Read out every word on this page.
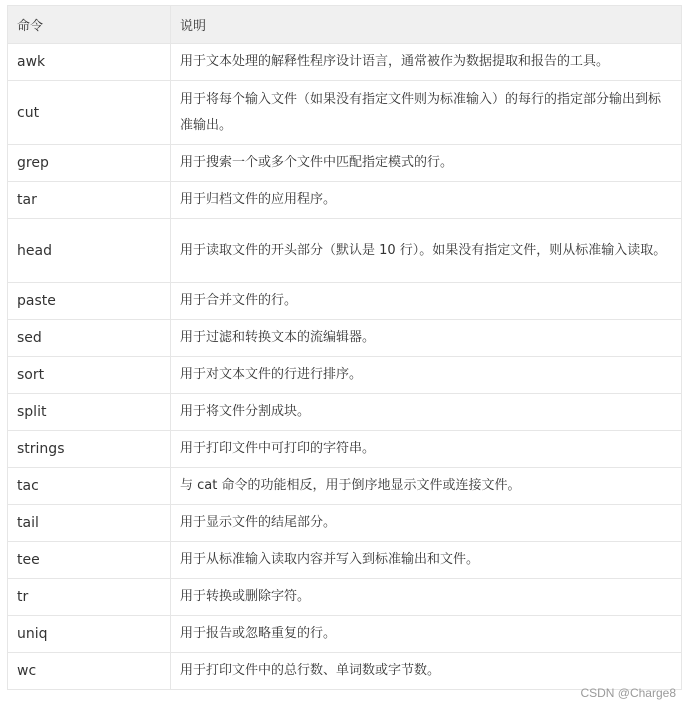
命令	说明
awk	用于文本处理的解释性程序设计语言，通常被作为数据提取和报告的工具。
cut	用于将每个输入文件（如果没有指定文件则为标准输入）的每行的指定部分输出到标准输出。
grep	用于搜索一个或多个文件中匹配指定模式的行。
tar	用于归档文件的应用程序。
head	用于读取文件的开头部分（默认是 10 行）。如果没有指定文件，则从标准输入读取。
paste	用于合并文件的行。
sed	用于过滤和转换文本的流编辑器。
sort	用于对文本文件的行进行排序。
split	用于将文件分割成块。
strings	用于打印文件中可打印的字符串。
tac	与 cat 命令的功能相反，用于倒序地显示文件或连接文件。
tail	用于显示文件的结尾部分。
tee	用于从标准输入读取内容并写入到标准输出和文件。
tr	用于转换或删除字符。
uniq	用于报告或忽略重复的行。
wc	用于打印文件中的总行数、单词数或字节数。
CSDN @Charge8
